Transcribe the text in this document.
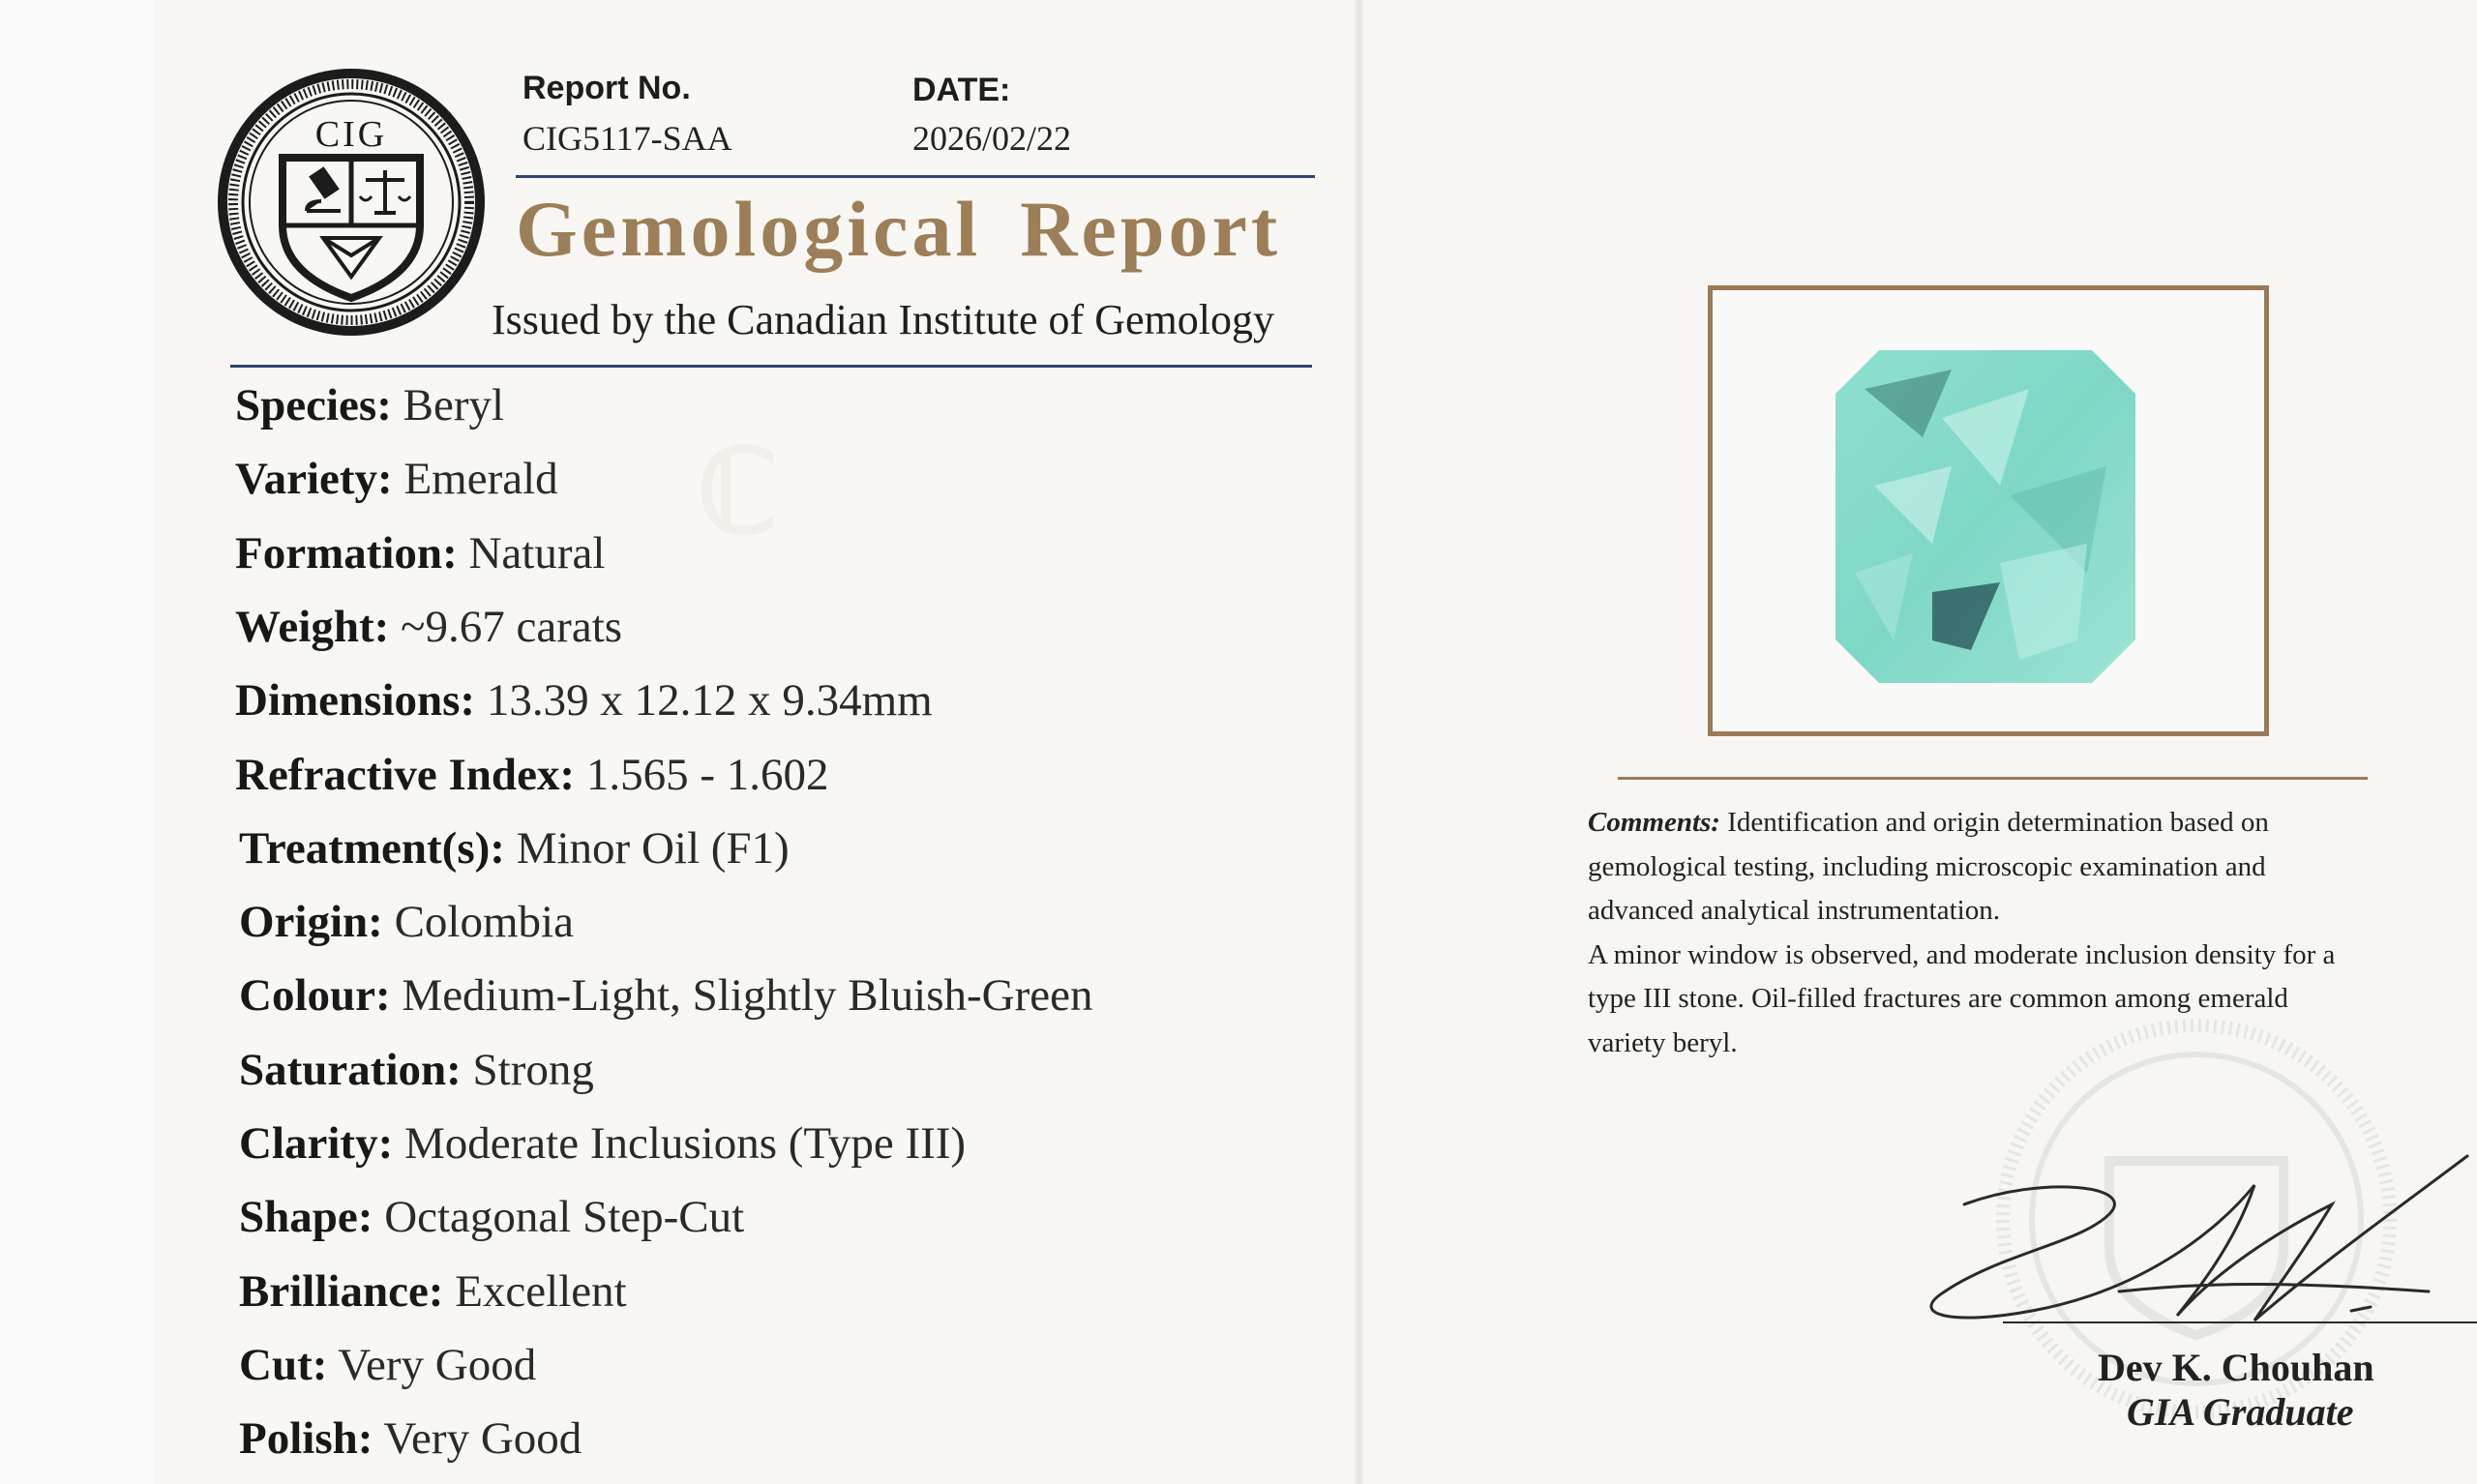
ℂ
CIG
Report No.
CIG5117-SAA
DATE:
2026/02/22
Gemological Report
Issued by the Canadian Institute of Gemology
Species: Beryl
Variety: Emerald
Formation: Natural
Weight: ~9.67 carats
Dimensions: 13.39 x 12.12 x 9.34mm
Refractive Index: 1.565 - 1.602
Treatment(s): Minor Oil (F1)
Origin: Colombia
Colour: Medium-Light, Slightly Bluish-Green
Saturation: Strong
Clarity: Moderate Inclusions (Type III)
Shape: Octagonal Step-Cut
Brilliance: Excellent
Cut: Very Good
Polish: Very Good
Comments: Identification and origin determination based on
gemological testing, including microscopic examination and
advanced analytical instrumentation.
A minor window is observed, and moderate inclusion density for a
type III stone. Oil-filled fractures are common among emerald
variety beryl.
Dev K. Chouhan
GIA Graduate
